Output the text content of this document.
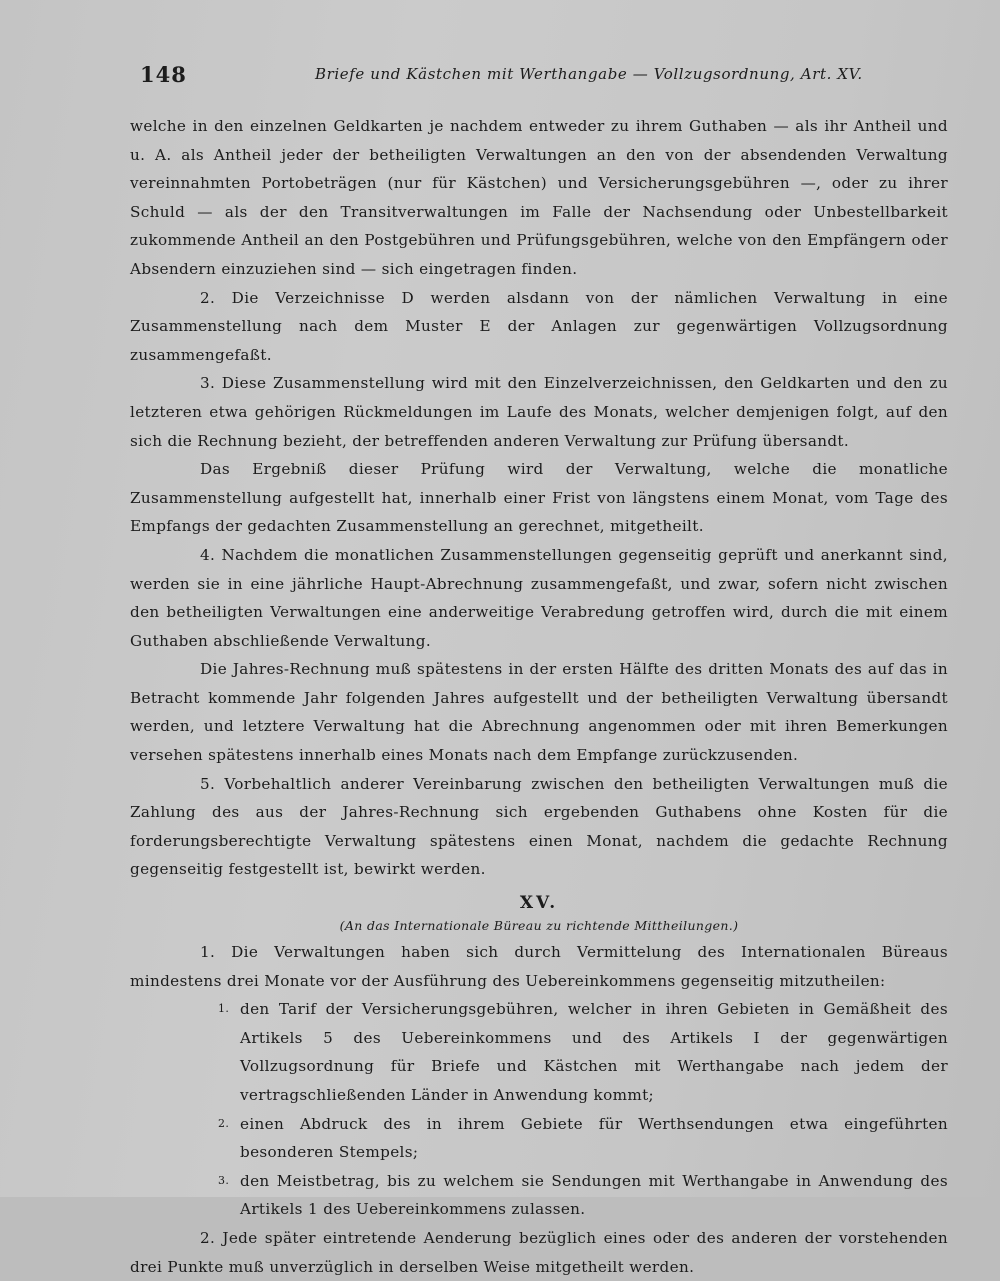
148	Briefe und Kästchen mit Werthangabe — Vollzugsordnung, Art. XV.

welche in den einzelnen Geldkarten je nachdem entweder zu ihrem Guthaben — als ihr Antheil und u. A. als Antheil jeder der betheiligten Verwaltungen an den von der absendenden Verwaltung vereinnahmten Portobeträgen (nur für Kästchen) und Versicherungsgebühren —, oder zu ihrer Schuld — als der den Transitverwaltungen im Falle der Nachsendung oder Unbestellbarkeit zukommende Antheil an den Postgebühren und Prüfungsgebühren, welche von den Empfängern oder Absendern einzuziehen sind — sich eingetragen finden.

2. Die Verzeichnisse D werden alsdann von der nämlichen Verwaltung in eine Zusammenstellung nach dem Muster E der Anlagen zur gegenwärtigen Vollzugsordnung zusammengefaßt.

3. Diese Zusammenstellung wird mit den Einzelverzeichnissen, den Geldkarten und den zu letzteren etwa gehörigen Rückmeldungen im Laufe des Monats, welcher demjenigen folgt, auf den sich die Rechnung bezieht, der betreffenden anderen Verwaltung zur Prüfung übersandt.

Das Ergebniß dieser Prüfung wird der Verwaltung, welche die monatliche Zusammenstellung aufgestellt hat, innerhalb einer Frist von längstens einem Monat, vom Tage des Empfangs der gedachten Zusammenstellung an gerechnet, mitgetheilt.

4. Nachdem die monatlichen Zusammenstellungen gegenseitig geprüft und anerkannt sind, werden sie in eine jährliche Haupt-Abrechnung zusammengefaßt, und zwar, sofern nicht zwischen den betheiligten Verwaltungen eine anderweitige Verabredung getroffen wird, durch die mit einem Guthaben abschließende Verwaltung.

Die Jahres-Rechnung muß spätestens in der ersten Hälfte des dritten Monats des auf das in Betracht kommende Jahr folgenden Jahres aufgestellt und der betheiligten Verwaltung übersandt werden, und letztere Verwaltung hat die Abrechnung angenommen oder mit ihren Bemerkungen versehen spätestens innerhalb eines Monats nach dem Empfange zurückzusenden.

5. Vorbehaltlich anderer Vereinbarung zwischen den betheiligten Verwaltungen muß die Zahlung des aus der Jahres-Rechnung sich ergebenden Guthabens ohne Kosten für die forderungsberechtigte Verwaltung spätestens einen Monat, nachdem die gedachte Rechnung gegenseitig festgestellt ist, bewirkt werden.

XV.
(An das Internationale Büreau zu richtende Mittheilungen.)

1. Die Verwaltungen haben sich durch Vermittelung des Internationalen Büreaus mindestens drei Monate vor der Ausführung des Uebereinkommens gegenseitig mitzutheilen:

1. den Tarif der Versicherungsgebühren, welcher in ihren Gebieten in Gemäßheit des Artikels 5 des Uebereinkommens und des Artikels I der gegenwärtigen Vollzugsordnung für Briefe und Kästchen mit Werthangabe nach jedem der vertragschließenden Länder in Anwendung kommt;
2. einen Abdruck des in ihrem Gebiete für Werthsendungen etwa eingeführten besonderen Stempels;
3. den Meistbetrag, bis zu welchem sie Sendungen mit Werthangabe in Anwendung des Artikels 1 des Uebereinkommens zulassen.

2. Jede später eintretende Aenderung bezüglich eines oder des anderen der vorstehenden drei Punkte muß unverzüglich in derselben Weise mitgetheilt werden.
